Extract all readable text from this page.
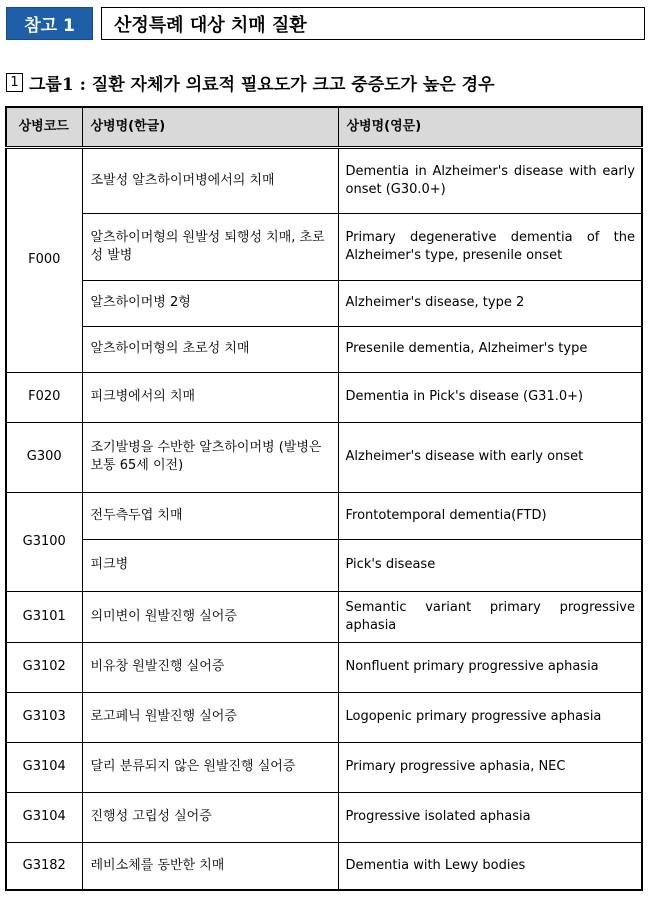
참고 1	산정특례 대상 치매 질환
1 그룹1 : 질환 자체가 의료적 필요도가 크고 중증도가 높은 경우
상병코드	상병명(한글)	상병명(영문)
F000	조발성 알츠하이머병에서의 치매	Dementia in Alzheimer's disease with early onset (G30.0+)
	알츠하이머형의 원발성 퇴행성 치매, 초로성 발병	Primary degenerative dementia of the Alzheimer's type, presenile onset
	알츠하이머병 2형	Alzheimer's disease, type 2
	알츠하이머형의 초로성 치매	Presenile dementia, Alzheimer's type
F020	피크병에서의 치매	Dementia in Pick's disease (G31.0+)
G300	조기발병을 수반한 알츠하이머병 (발병은 보통 65세 이전)	Alzheimer's disease with early onset
G3100	전두측두엽 치매	Frontotemporal dementia(FTD)
	피크병	Pick's disease
G3101	의미변이 원발진행 실어증	Semantic variant primary progressive aphasia
G3102	비유창 원발진행 실어증	Nonfluent primary progressive aphasia
G3103	로고페닉 원발진행 실어증	Logopenic primary progressive aphasia
G3104	달리 분류되지 않은 원발진행 실어증	Primary progressive aphasia, NEC
G3104	진행성 고립성 실어증	Progressive isolated aphasia
G3182	레비소체를 동반한 치매	Dementia with Lewy bodies
